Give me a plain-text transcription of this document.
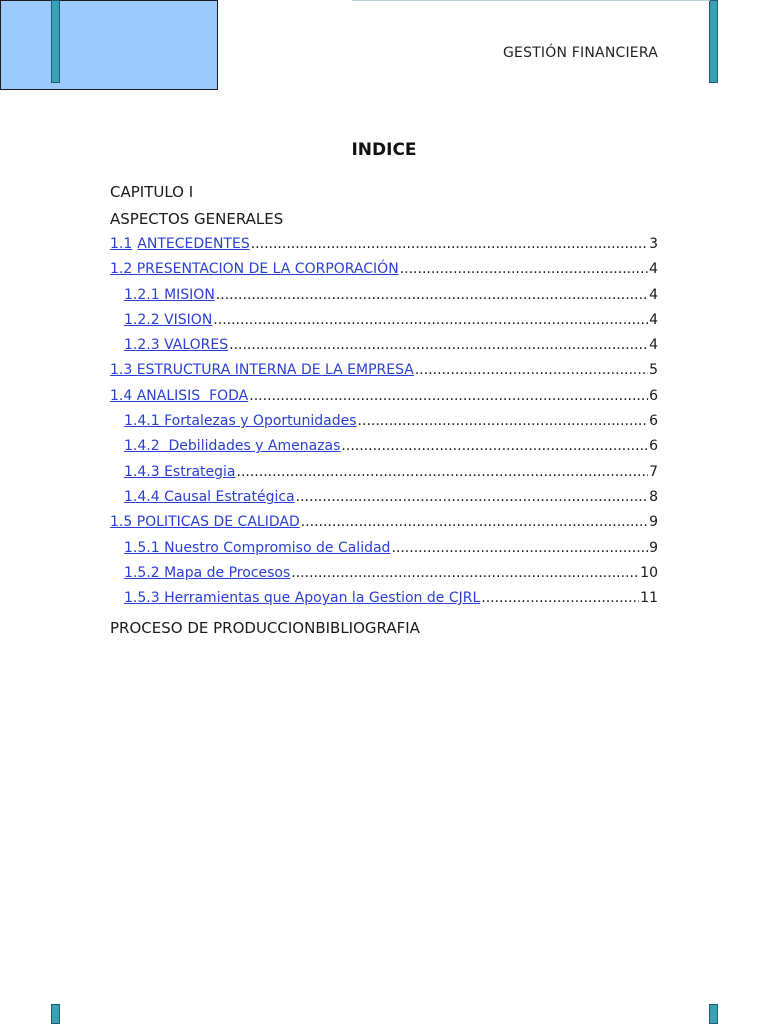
GESTIÓN FINANCIERA
INDICE
CAPITULO I
ASPECTOS GENERALES
1.1 ANTECEDENTES .....	3
1.2 PRESENTACION DE LA CORPORACIÓN .....	4
1.2.1 MISION .....	4
1.2.2 VISION .....	4
1.2.3 VALORES .....	4
1.3 ESTRUCTURA INTERNA DE LA EMPRESA .....	5
1.4 ANALISIS  FODA .....	6
1.4.1 Fortalezas y Oportunidades .....	6
1.4.2  Debilidades y Amenazas .....	6
1.4.3 Estrategia .....	7
1.4.4 Causal Estratégica .....	8
1.5 POLITICAS DE CALIDAD .....	9
1.5.1 Nuestro Compromiso de Calidad .....	9
1.5.2 Mapa de Procesos .....	10
1.5.3 Herramientas que Apoyan la Gestion de CJRL .....	11
PROCESO DE PRODUCCIONBIBLIOGRAFIA
